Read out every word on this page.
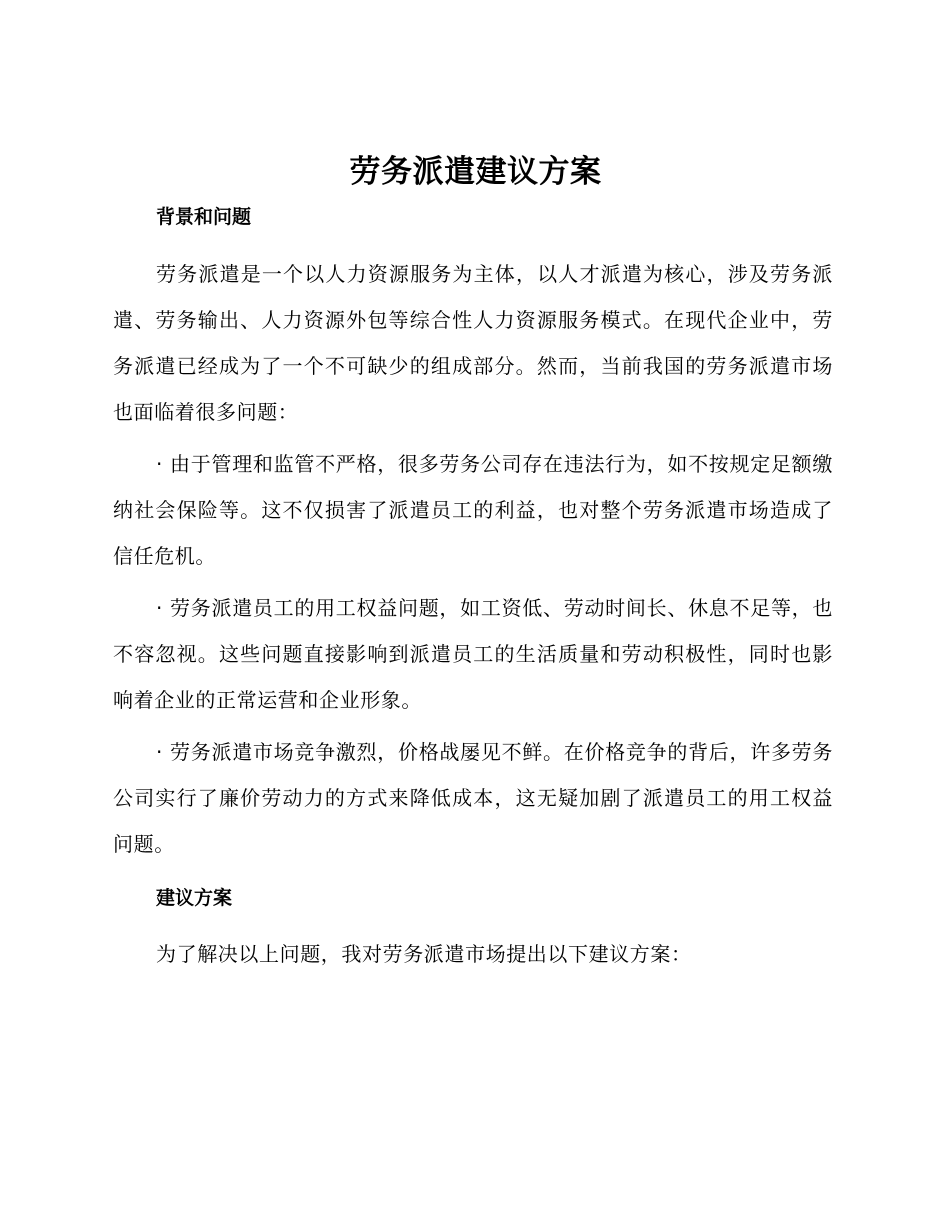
劳务派遣建议方案
背景和问题

劳务派遣是一个以人力资源服务为主体，以人才派遣为核心，涉及劳务派遣、劳务输出、人力资源外包等综合性人力资源服务模式。在现代企业中，劳务派遣已经成为了一个不可缺少的组成部分。然而，当前我国的劳务派遣市场也面临着很多问题：

· 由于管理和监管不严格，很多劳务公司存在违法行为，如不按规定足额缴纳社会保险等。这不仅损害了派遣员工的利益，也对整个劳务派遣市场造成了信任危机。

· 劳务派遣员工的用工权益问题，如工资低、劳动时间长、休息不足等，也不容忽视。这些问题直接影响到派遣员工的生活质量和劳动积极性，同时也影响着企业的正常运营和企业形象。

· 劳务派遣市场竞争激烈，价格战屡见不鲜。在价格竞争的背后，许多劳务公司实行了廉价劳动力的方式来降低成本，这无疑加剧了派遣员工的用工权益问题。

建议方案

为了解决以上问题，我对劳务派遣市场提出以下建议方案：
